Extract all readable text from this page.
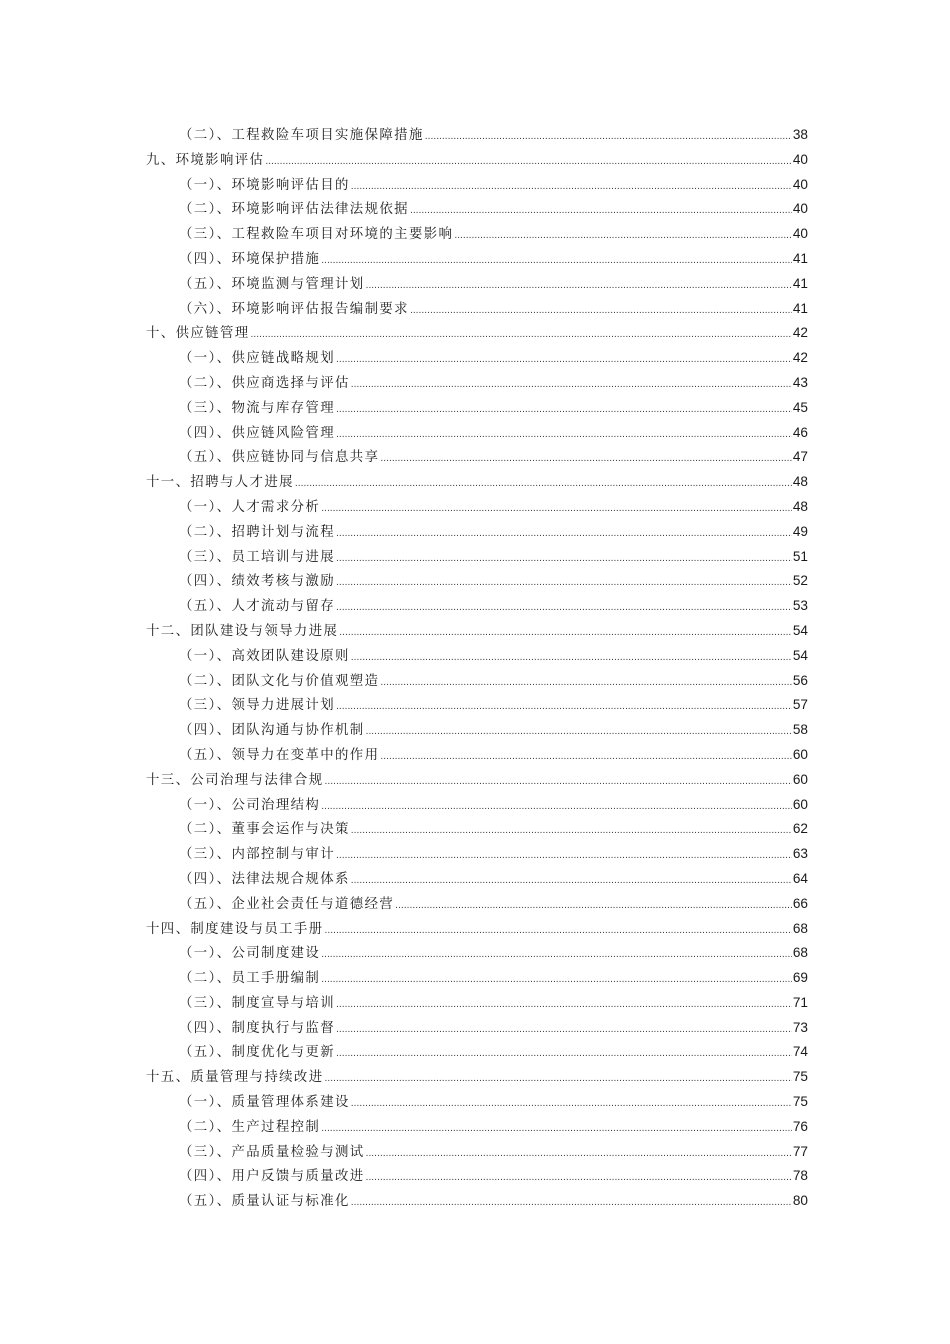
（二）、工程救险车项目实施保障措施 .....	38
九、环境影响评估 .....	40
（一）、环境影响评估目的 .....	40
（二）、环境影响评估法律法规依据 .....	40
（三）、工程救险车项目对环境的主要影响 .....	40
（四）、环境保护措施 .....	41
（五）、环境监测与管理计划 .....	41
（六）、环境影响评估报告编制要求 .....	41
十、供应链管理 .....	42
（一）、供应链战略规划 .....	42
（二）、供应商选择与评估 .....	43
（三）、物流与库存管理 .....	45
（四）、供应链风险管理 .....	46
（五）、供应链协同与信息共享 .....	47
十一、招聘与人才进展 .....	48
（一）、人才需求分析 .....	48
（二）、招聘计划与流程 .....	49
（三）、员工培训与进展 .....	51
（四）、绩效考核与激励 .....	52
（五）、人才流动与留存 .....	53
十二、团队建设与领导力进展 .....	54
（一）、高效团队建设原则 .....	54
（二）、团队文化与价值观塑造 .....	56
（三）、领导力进展计划 .....	57
（四）、团队沟通与协作机制 .....	58
（五）、领导力在变革中的作用 .....	60
十三、公司治理与法律合规 .....	60
（一）、公司治理结构 .....	60
（二）、董事会运作与决策 .....	62
（三）、内部控制与审计 .....	63
（四）、法律法规合规体系 .....	64
（五）、企业社会责任与道德经营 .....	66
十四、制度建设与员工手册 .....	68
（一）、公司制度建设 .....	68
（二）、员工手册编制 .....	69
（三）、制度宣导与培训 .....	71
（四）、制度执行与监督 .....	73
（五）、制度优化与更新 .....	74
十五、质量管理与持续改进 .....	75
（一）、质量管理体系建设 .....	75
（二）、生产过程控制 .....	76
（三）、产品质量检验与测试 .....	77
（四）、用户反馈与质量改进 .....	78
（五）、质量认证与标准化 .....	80
